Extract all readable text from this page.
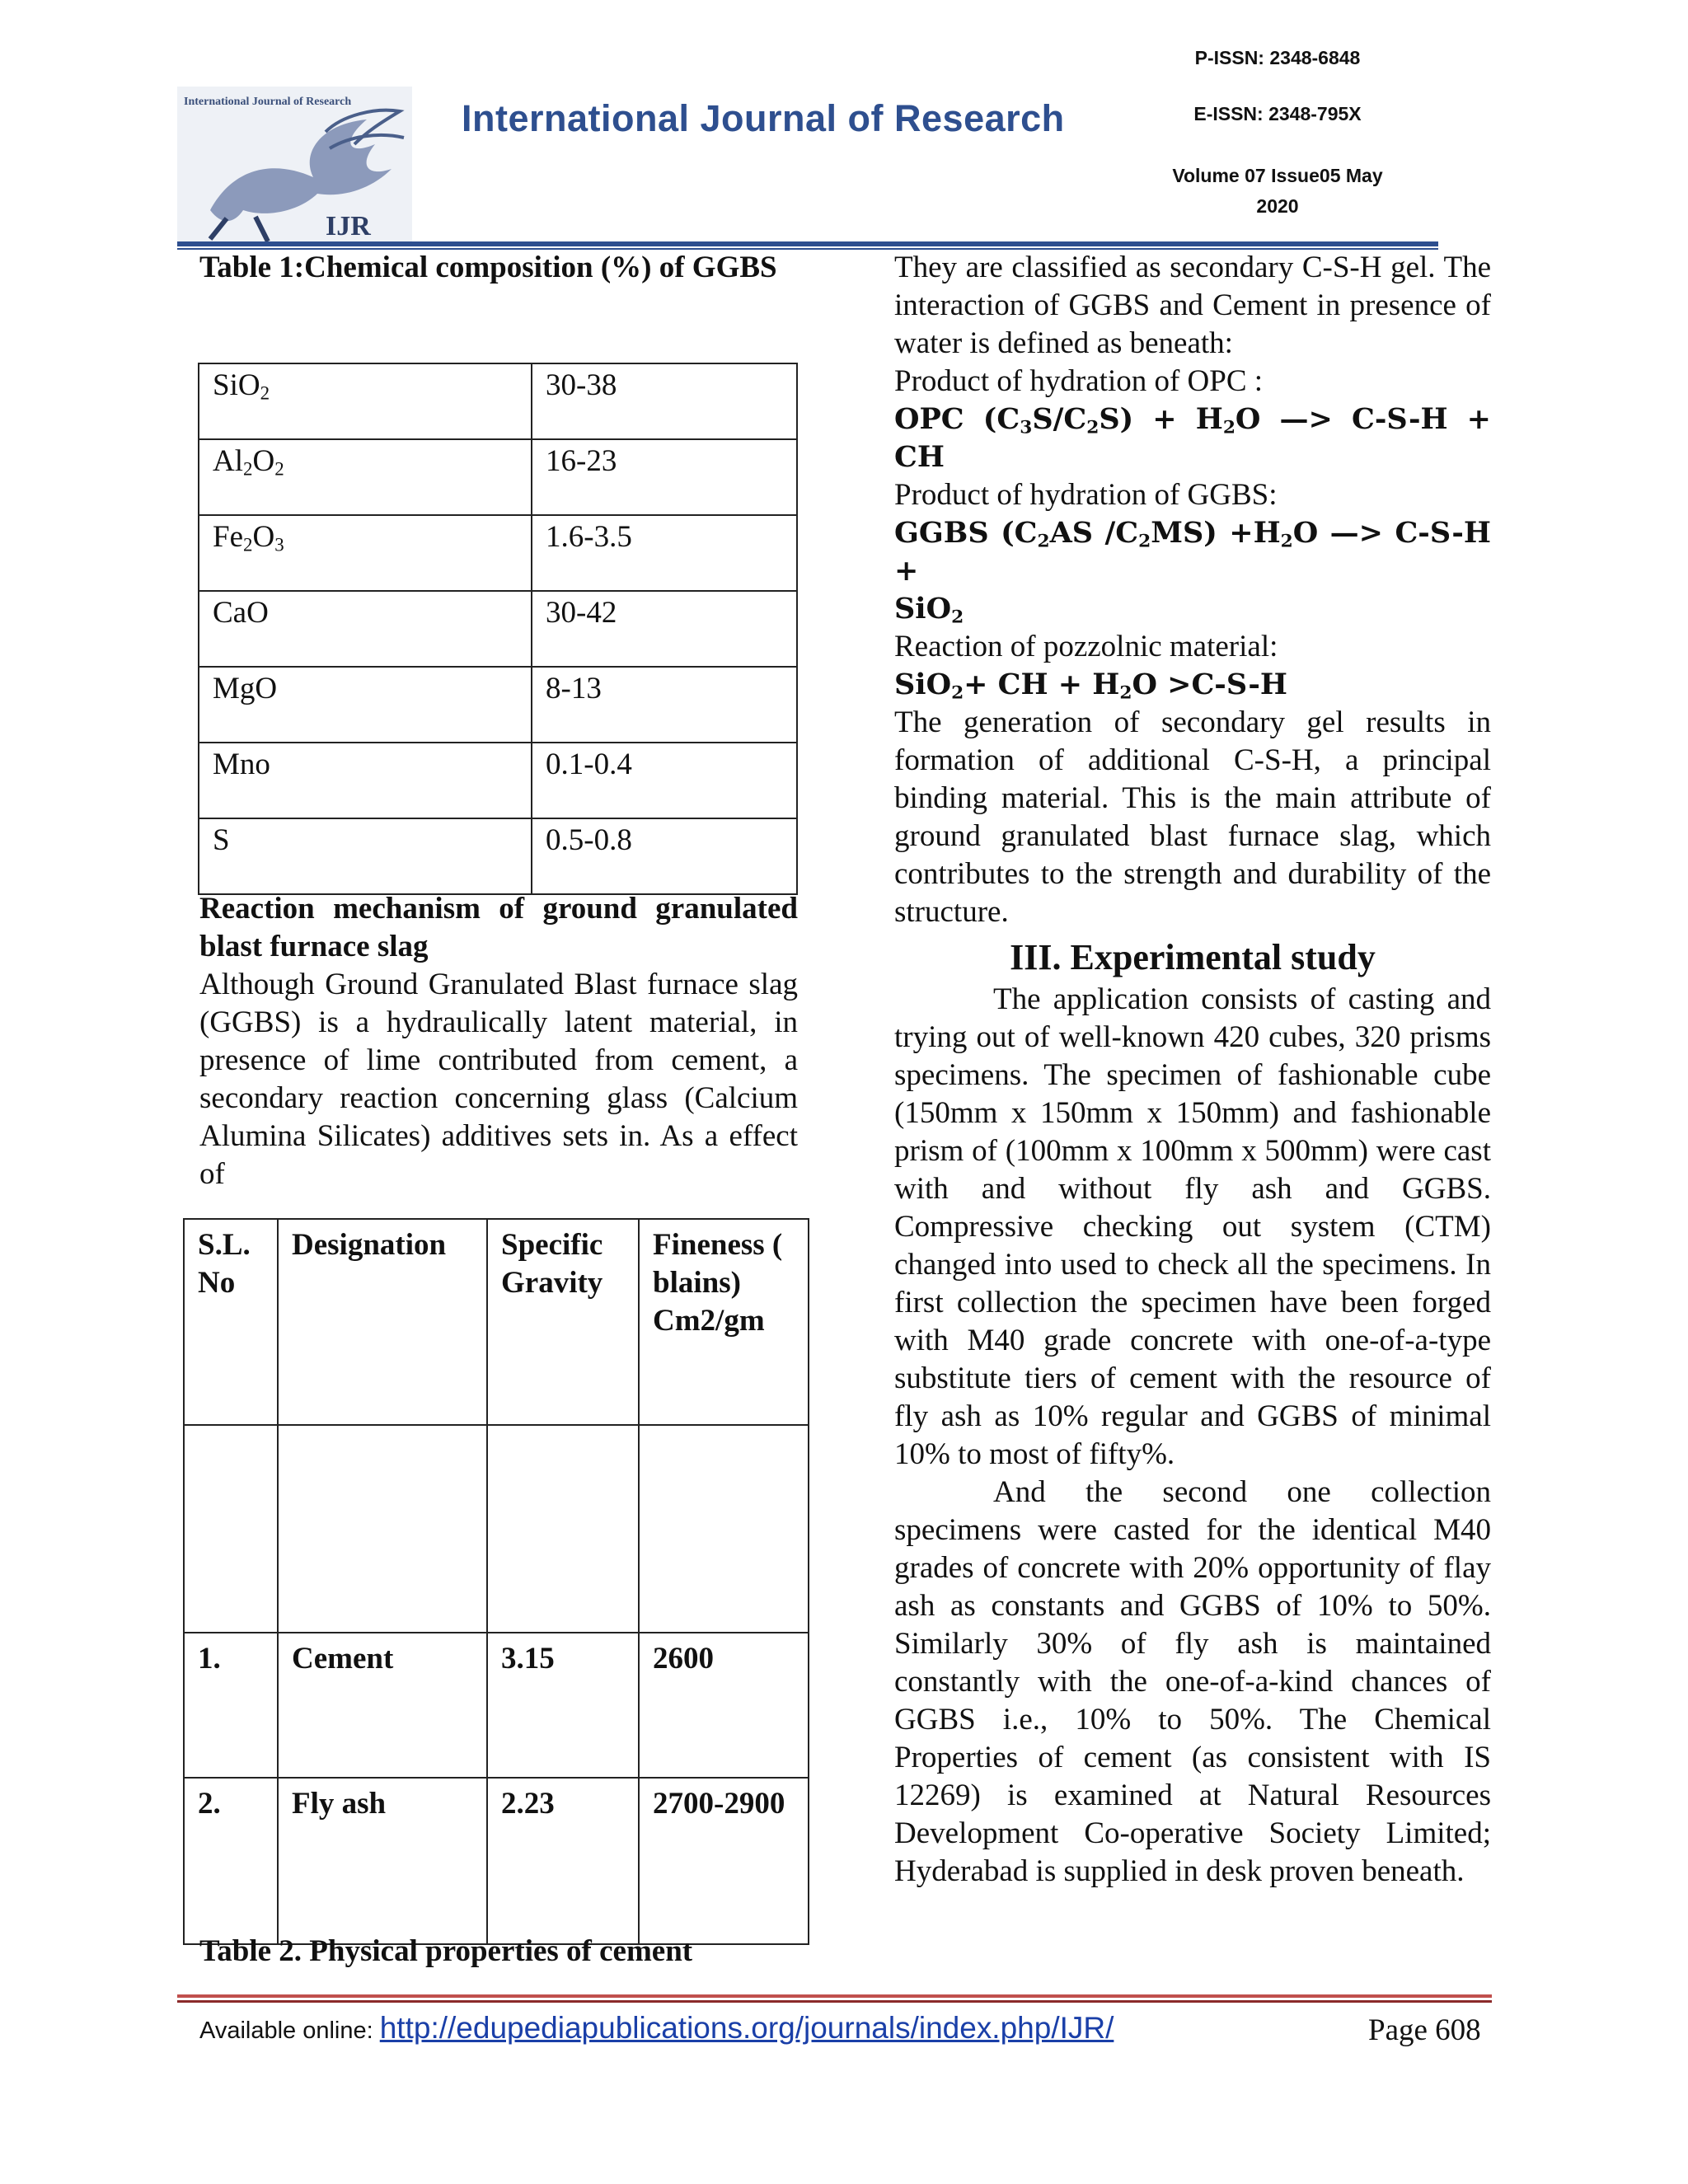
International Journal of Research
IJR
International Journal of Research
P-ISSN: 2348-6848
E-ISSN: 2348-795X
Volume 07 Issue05 May
2020
Table 1:Chemical composition (%) of GGBS
SiO$_2$	30-38
$Al_2O_2$	16-23
$Fe_2O_3$	1.6-3.5
CaO	30-42
MgO	8-13
Mno	0.1-0.4
S	0.5-0.8
Reaction mechanism of ground granulated blast furnace slag
Although Ground Granulated Blast furnace slag (GGBS) is a hydraulically latent material, in presence of lime contributed from cement, a secondary reaction concerning glass (Calcium Alumina Silicates) additives sets in. As a effect of
S.L. No	Designation	Specific Gravity	Fineness ( blains) Cm2/gm

1.	Cement	3.15	2600
2.	Fly ash	2.23	2700-2900
Table 2. Physical properties of cement
They are classified as secondary C-S-H gel. The interaction of GGBS and Cement in presence of water is defined as beneath:
Product of hydration of OPC :
OPC $(C_3S/C_2S) + H_2O$ —> C-S-H + CH
Product of hydration of GGBS:
GGBS ($C_2AS$ $/C_2MS) +H_2O$ —> C-S-H +
SiO$_2$
Reaction of pozzolnic material:
SiO$_2$+ CH + $H_2O >C-S-H$
The generation of secondary gel results in formation of additional C-S-H, a principal binding material. This is the main attribute of ground granulated blast furnace slag, which contributes to the strength and durability of the structure.
III. Experimental study
The application consists of casting and trying out of well-known 420 cubes, 320 prisms specimens. The specimen of fashionable cube (150mm x 150mm x 150mm) and fashionable prism of (100mm x 100mm x 500mm) were cast with and without fly ash and GGBS. Compressive checking out system (CTM) changed into used to check all the specimens. In first collection the specimen have been forged with M40 grade concrete with one-of-a-type substitute tiers of cement with the resource of fly ash as 10% regular and GGBS of minimal 10% to most of fifty%.
And the second one collection specimens were casted for the identical M40 grades of concrete with 20% opportunity of flay ash as constants and GGBS of 10% to 50%. Similarly 30% of fly ash is maintained constantly with the one-of-a-kind chances of GGBS i.e., 10% to 50%. The Chemical Properties of cement (as consistent with IS 12269) is examined at Natural Resources Development Co-operative Society Limited; Hyderabad is supplied in desk proven beneath.
Available online: http://edupediapublications.org/journals/index.php/IJR/	Page 608
